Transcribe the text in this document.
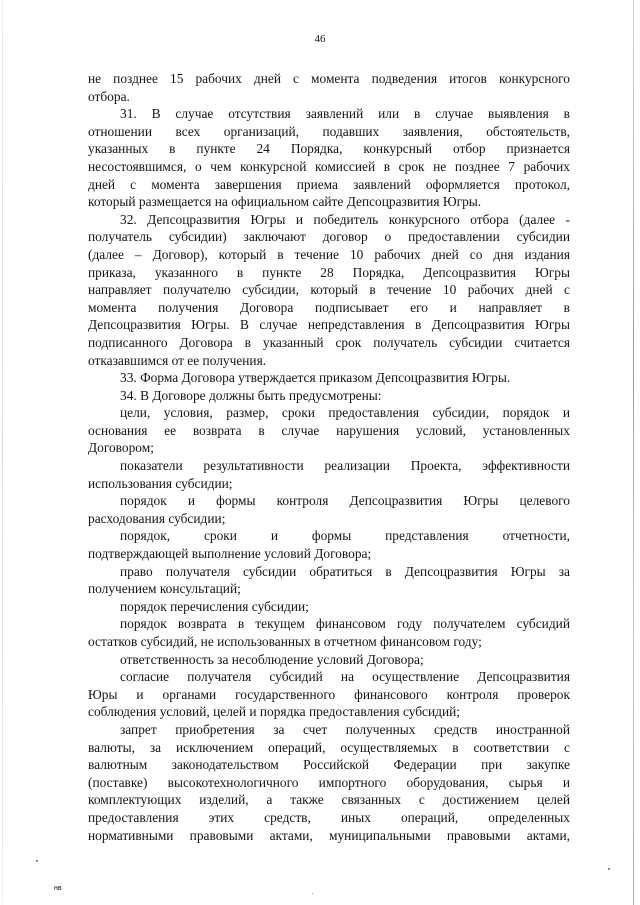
46
не позднее 15 рабочих дней с момента подведения итогов конкурсного
отбора.
31. В случае отсутствия заявлений или в случае выявления в
отношении всех организаций, подавших заявления, обстоятельств,
указанных в пункте 24 Порядка, конкурсный отбор признается
несостоявшимся, о чем конкурсной комиссией в срок не позднее 7 рабочих
дней с момента завершения приема заявлений оформляется протокол,
который размещается на официальном сайте Депсоцразвития Югры.
32. Депсоцразвития Югры и победитель конкурсного отбора (далее -
получатель субсидии) заключают договор о предоставлении субсидии
(далее – Договор), который в течение 10 рабочих дней со дня издания
приказа, указанного в пункте 28 Порядка, Депсоцразвития Югры
направляет получателю субсидии, который в течение 10 рабочих дней с
момента получения Договора подписывает его и направляет в
Депсоцразвития Югры. В случае непредставления в Депсоцразвития Югры
подписанного Договора в указанный срок получатель субсидии считается
отказавшимся от ее получения.
33. Форма Договора утверждается приказом Депсоцразвития Югры.
34. В Договоре должны быть предусмотрены:
цели, условия, размер, сроки предоставления субсидии, порядок и
основания ее возврата в случае нарушения условий, установленных
Договором;
показатели результативности реализации Проекта, эффективности
использования субсидии;
порядок и формы контроля Депсоцразвития Югры целевого
расходования субсидии;
порядок, сроки и формы представления отчетности,
подтверждающей выполнение условий Договора;
право получателя субсидии обратиться в Депсоцразвития Югры за
получением консультаций;
порядок перечисления субсидии;
порядок возврата в текущем финансовом году получателем субсидий
остатков субсидий, не использованных в отчетном финансовом году;
ответственность за несоблюдение условий Договора;
согласие получателя субсидий на осуществление Депсоцразвития
Юры и органами государственного финансового контроля проверок
соблюдения условий, целей и порядка предоставления субсидий;
запрет приобретения за счет полученных средств иностранной
валюты, за исключением операций, осуществляемых в соответствии с
валютным законодательством Российской Федерации при закупке
(поставке) высокотехнологичного импортного оборудования, сырья и
комплектующих изделий, а также связанных с достижением целей
предоставления этих средств, иных операций, определенных
нормативными правовыми актами, муниципальными правовыми актами,
нв
